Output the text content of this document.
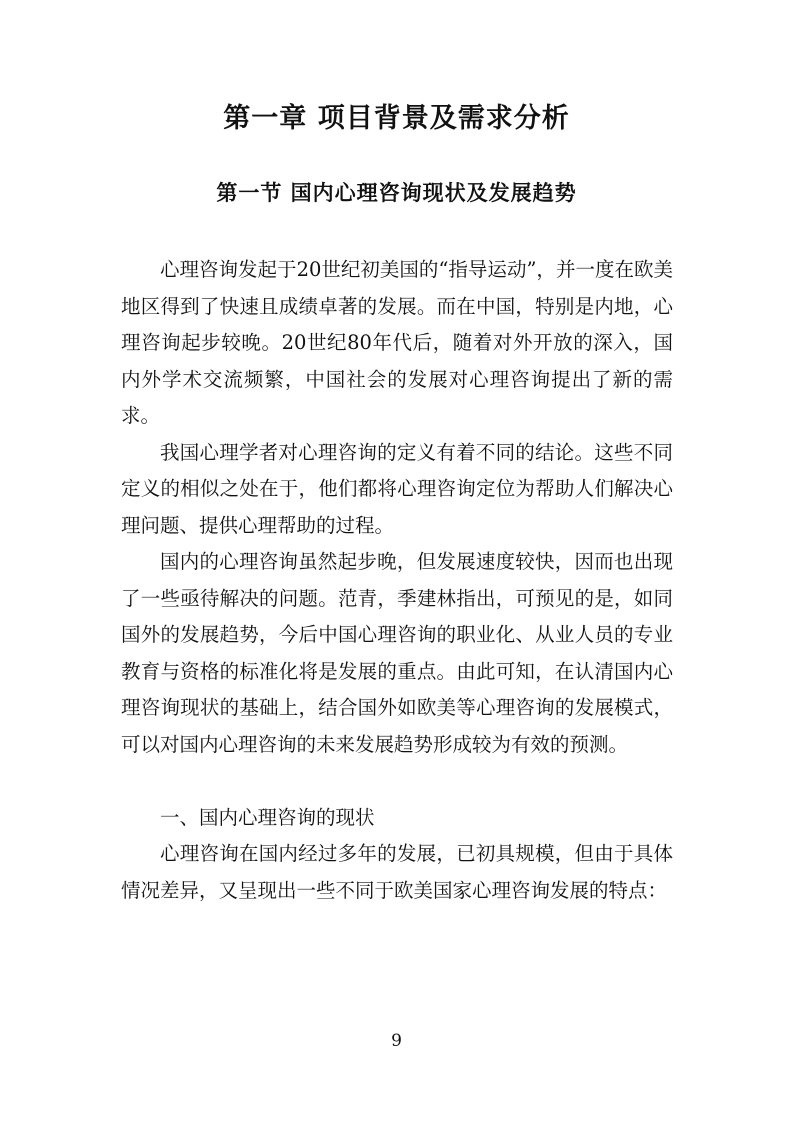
第一章 项目背景及需求分析
第一节 国内心理咨询现状及发展趋势

心理咨询发起于20世纪初美国的“指导运动”，并一度在欧美地区得到了快速且成绩卓著的发展。而在中国，特别是内地，心理咨询起步较晚。20世纪80年代后，随着对外开放的深入，国内外学术交流频繁，中国社会的发展对心理咨询提出了新的需求。

我国心理学者对心理咨询的定义有着不同的结论。这些不同定义的相似之处在于，他们都将心理咨询定位为帮助人们解决心理问题、提供心理帮助的过程。

国内的心理咨询虽然起步晚，但发展速度较快，因而也出现了一些亟待解决的问题。范青，季建林指出，可预见的是，如同国外的发展趋势，今后中国心理咨询的职业化、从业人员的专业教育与资格的标准化将是发展的重点。由此可知，在认清国内心理咨询现状的基础上，结合国外如欧美等心理咨询的发展模式，可以对国内心理咨询的未来发展趋势形成较为有效的预测。

一、国内心理咨询的现状

心理咨询在国内经过多年的发展，已初具规模，但由于具体情况差异，又呈现出一些不同于欧美国家心理咨询发展的特点：

9
